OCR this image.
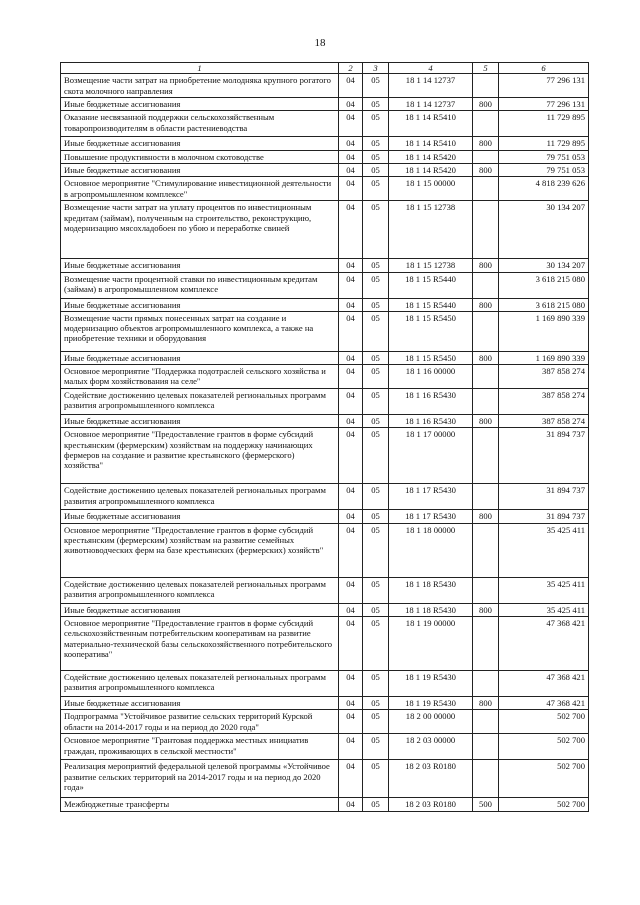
18
1	2	3	4	5	6
Возмещение части затрат на приобретение молодняка крупного рогатого скота молочного направления	04	05	18 1 14 12737		77 296 131
Иные бюджетные ассигнования	04	05	18 1 14 12737	800	77 296 131
Оказание несвязанной поддержки сельскохозяйственным товаропроизводителям в области растениеводства	04	05	18 1 14 R5410		11 729 895
Иные бюджетные ассигнования	04	05	18 1 14 R5410	800	11 729 895
Повышение продуктивности в молочном скотоводстве	04	05	18 1 14 R5420		79 751 053
Иные бюджетные ассигнования	04	05	18 1 14 R5420	800	79 751 053
Основное мероприятие "Стимулирование инвестиционной деятельности в агропромышленном комплексе"	04	05	18 1 15 00000		4 818 239 626
Возмещение части затрат на уплату процентов по инвестиционным кредитам (займам), полученным на строительство, реконструкцию, модернизацию мясохладобоен по убою и переработке свиней	04	05	18 1 15 12738		30 134 207
Иные бюджетные ассигнования	04	05	18 1 15 12738	800	30 134 207
Возмещение части процентной ставки по инвестиционным кредитам (займам) в агропромышленном комплексе	04	05	18 1 15 R5440		3 618 215 080
Иные бюджетные ассигнования	04	05	18 1 15 R5440	800	3 618 215 080
Возмещение части прямых понесенных затрат на создание и модернизацию объектов агропромышленного комплекса, а также на приобретение техники и оборудования	04	05	18 1 15 R5450		1 169 890 339
Иные бюджетные ассигнования	04	05	18 1 15 R5450	800	1 169 890 339
Основное мероприятие "Поддержка подотраслей сельского хозяйства и малых форм хозяйствования на селе"	04	05	18 1 16 00000		387 858 274
Содействие достижению целевых показателей региональных программ развития агропромышленного комплекса	04	05	18 1 16 R5430		387 858 274
Иные бюджетные ассигнования	04	05	18 1 16 R5430	800	387 858 274
Основное мероприятие "Предоставление грантов в форме субсидий крестьянским (фермерским) хозяйствам на поддержку начинающих фермеров на создание и развитие крестьянского (фермерского) хозяйства"	04	05	18 1 17 00000		31 894 737
Содействие достижению целевых показателей региональных программ развития агропромышленного комплекса	04	05	18 1 17 R5430		31 894 737
Иные бюджетные ассигнования	04	05	18 1 17 R5430	800	31 894 737
Основное мероприятие "Предоставление грантов в форме субсидий крестьянским (фермерским) хозяйствам на развитие семейных животноводческих ферм на базе крестьянских (фермерских) хозяйств"	04	05	18 1 18 00000		35 425 411
Содействие достижению целевых показателей региональных программ развития агропромышленного комплекса	04	05	18 1 18 R5430		35 425 411
Иные бюджетные ассигнования	04	05	18 1 18 R5430	800	35 425 411
Основное мероприятие "Предоставление грантов в форме субсидий сельскохозяйственным потребительским кооперативам на развитие материально-технической базы сельскохозяйственного потребительского кооператива"	04	05	18 1 19 00000		47 368 421
Содействие достижению целевых показателей региональных программ развития агропромышленного комплекса	04	05	18 1 19 R5430		47 368 421
Иные бюджетные ассигнования	04	05	18 1 19 R5430	800	47 368 421
Подпрограмма "Устойчивое развитие сельских территорий Курской области на 2014-2017 годы и на период до 2020 года"	04	05	18 2 00 00000		502 700
Основное мероприятие "Грантовая поддержка местных инициатив граждан, проживающих в сельской местности"	04	05	18 2 03 00000		502 700
Реализация мероприятий федеральной целевой программы «Устойчивое развитие сельских территорий на 2014-2017 годы и на период до 2020 года»	04	05	18 2 03 R0180		502 700
Межбюджетные трансферты	04	05	18 2 03 R0180	500	502 700
